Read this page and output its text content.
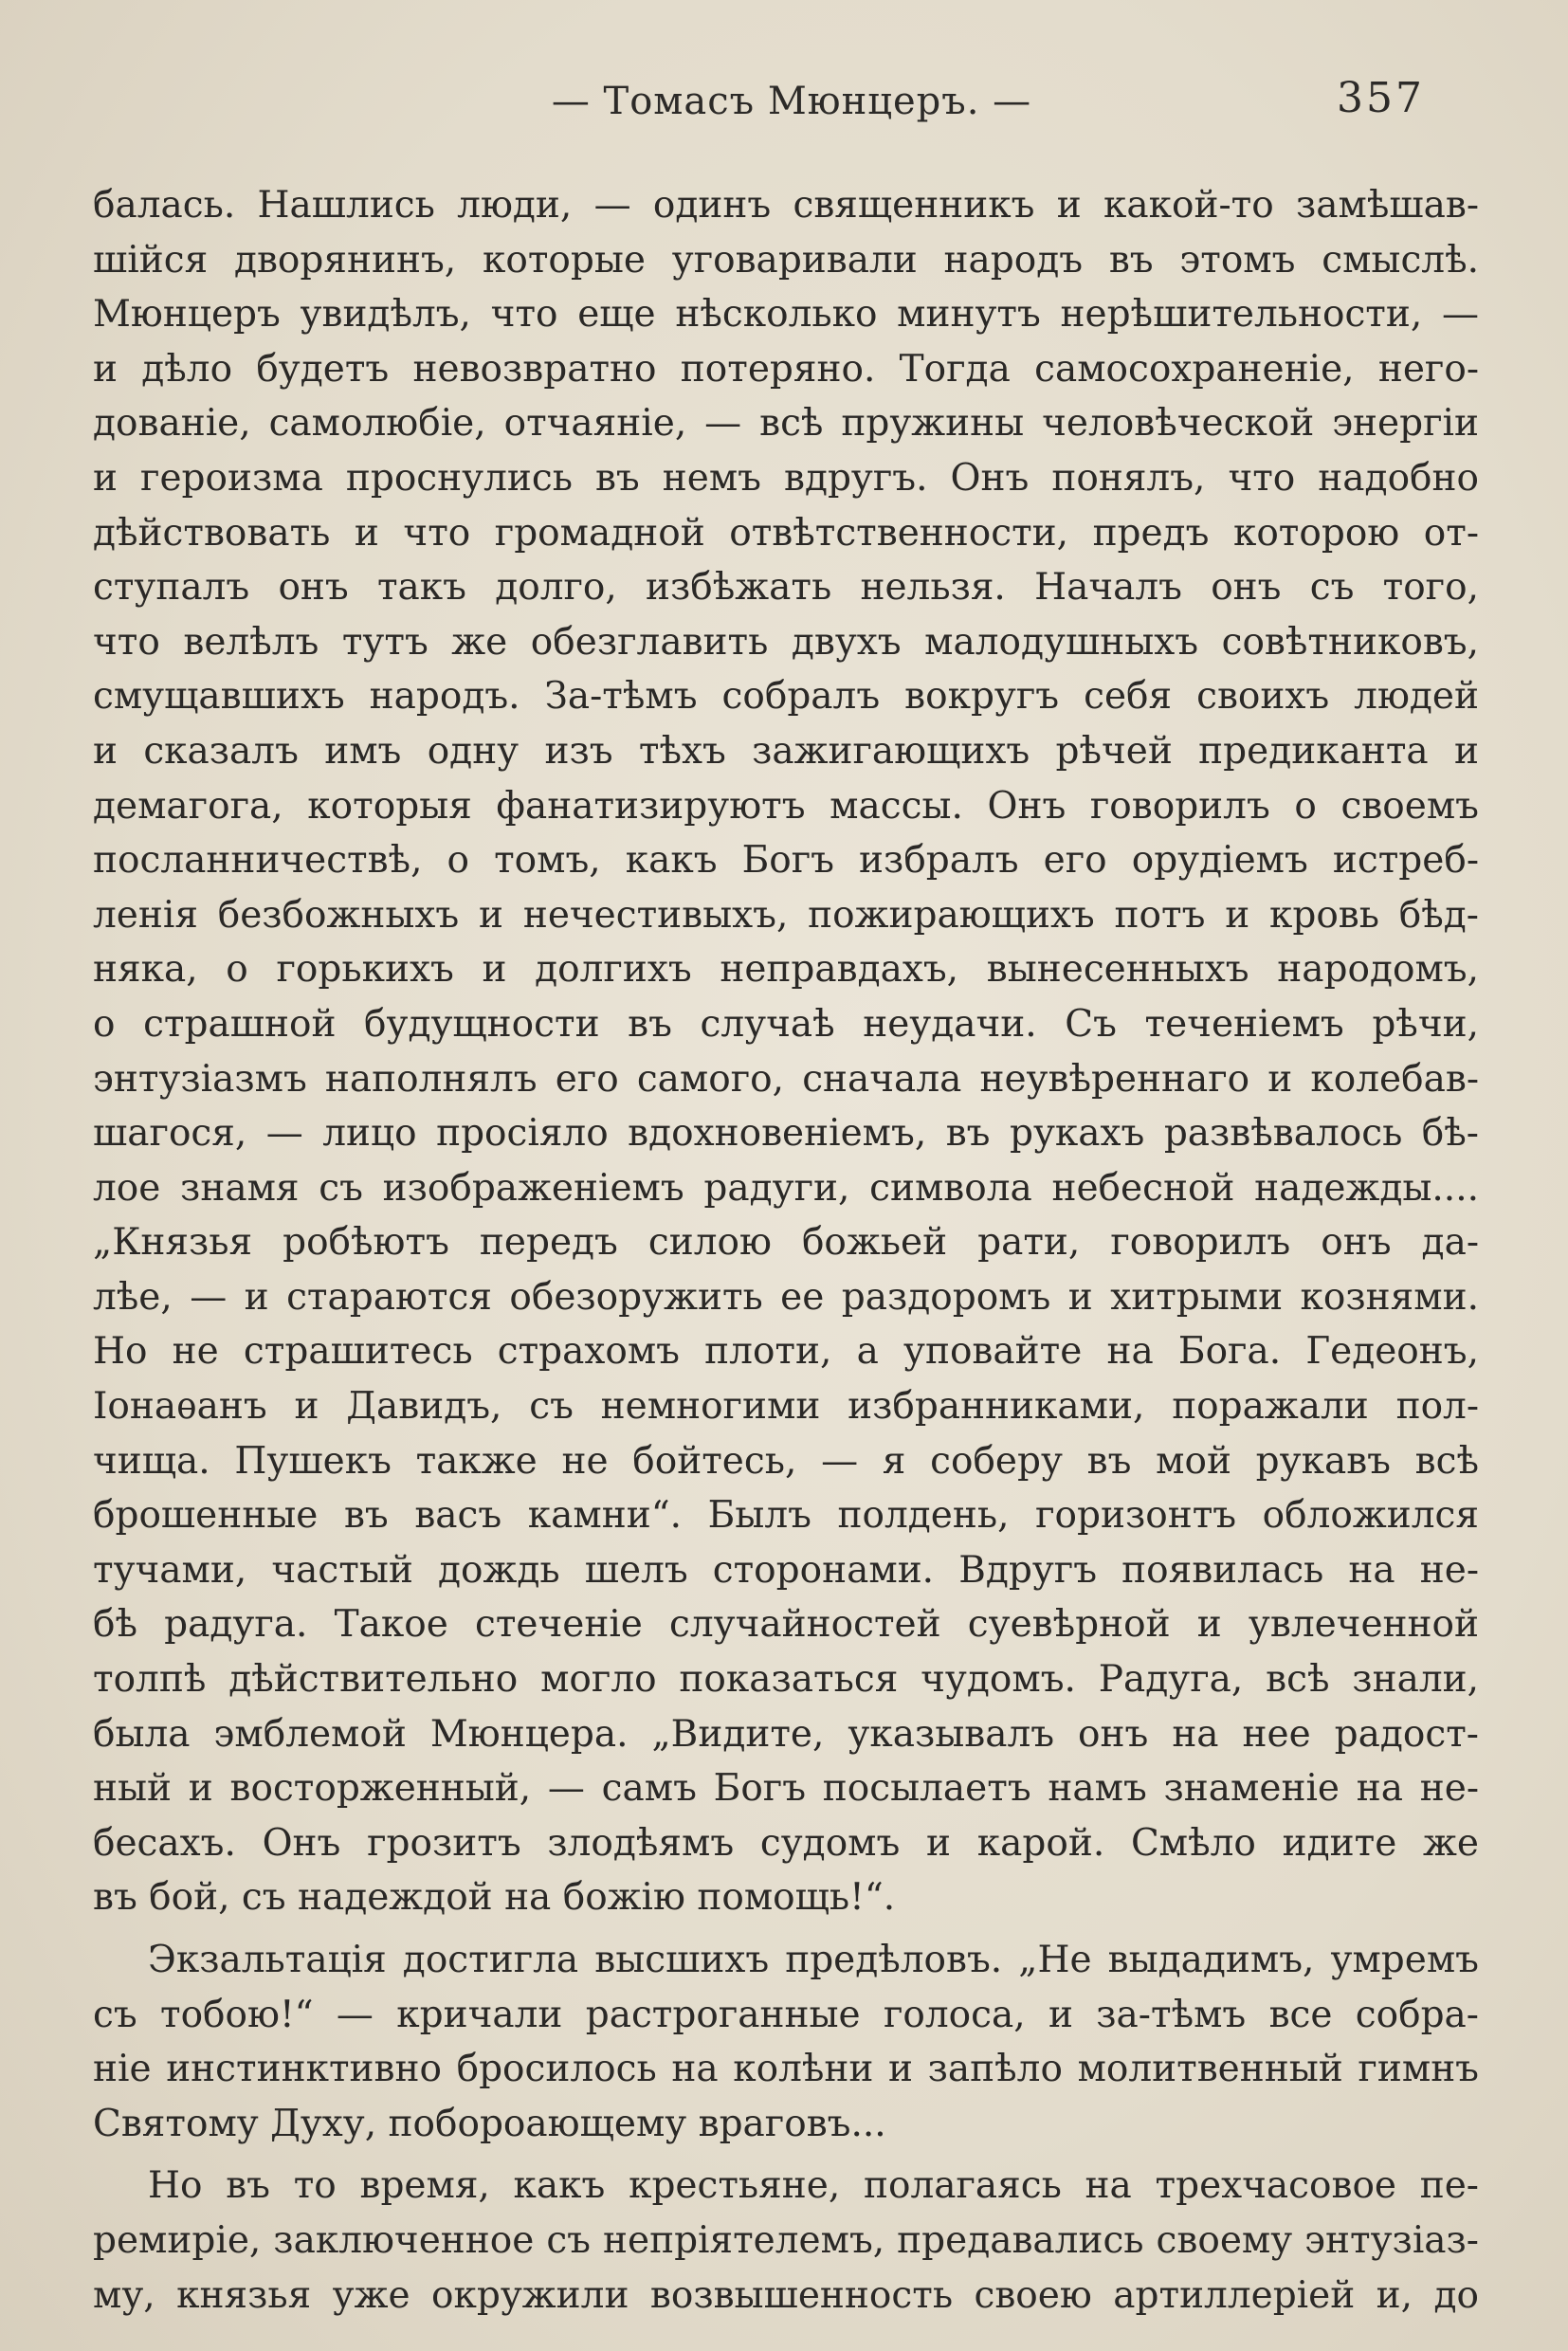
— Томасъ Мюнцеръ. —	357
балась. Нашлись люди, — одинъ священникъ и какой-то замѣшав-
шійся дворянинъ, которые уговаривали народъ въ этомъ смыслѣ.
Мюнцеръ увидѣлъ, что еще нѣсколько минутъ нерѣшительности, —
и дѣло будетъ невозвратно потеряно. Тогда самосохраненіе, него-
дованіе, самолюбіе, отчаяніе, — всѣ пружины человѣческой энергіи
и героизма проснулись въ немъ вдругъ. Онъ понялъ, что надобно
дѣйствовать и что громадной отвѣтственности, предъ которою от-
ступалъ онъ такъ долго, избѣжать нельзя. Началъ онъ съ того,
что велѣлъ тутъ же обезглавить двухъ малодушныхъ совѣтниковъ,
смущавшихъ народъ. За-тѣмъ собралъ вокругъ себя своихъ людей
и сказалъ имъ одну изъ тѣхъ зажигающихъ рѣчей предиканта и
демагога, которыя фанатизируютъ массы. Онъ говорилъ о своемъ
посланничествѣ, о томъ, какъ Богъ избралъ его орудіемъ истреб-
ленія безбожныхъ и нечестивыхъ, пожирающихъ потъ и кровь бѣд-
няка, о горькихъ и долгихъ неправдахъ, вынесенныхъ народомъ,
о страшной будущности въ случаѣ неудачи. Съ теченіемъ рѣчи,
энтузіазмъ наполнялъ его самого, сначала неувѣреннаго и колебав-
шагося, — лицо просіяло вдохновеніемъ, въ рукахъ развѣвалось бѣ-
лое знамя съ изображеніемъ радуги, символа небесной надежды....
„Князья робѣютъ передъ силою божьей рати, говорилъ онъ да-
лѣе, — и стараются обезоружить ее раздоромъ и хитрыми кознями.
Но не страшитесь страхомъ плоти, а уповайте на Бога. Гедеонъ,
Іонаѳанъ и Давидъ, съ немногими избранниками, поражали пол-
чища. Пушекъ также не бойтесь, — я соберу въ мой рукавъ всѣ
брошенные въ васъ камни“. Былъ полдень, горизонтъ обложился
тучами, частый дождь шелъ сторонами. Вдругъ появилась на не-
бѣ радуга. Такое стеченіе случайностей суевѣрной и увлеченной
толпѣ дѣйствительно могло показаться чудомъ. Радуга, всѣ знали,
была эмблемой Мюнцера. „Видите, указывалъ онъ на нее радост-
ный и восторженный, — самъ Богъ посылаетъ намъ знаменіе на не-
бесахъ. Онъ грозитъ злодѣямъ судомъ и карой. Смѣло идите же
въ бой, съ надеждой на божію помощь!“.
Экзальтація достигла высшихъ предѣловъ. „Не выдадимъ, умремъ
съ тобою!“ — кричали растроганные голоса, и за-тѣмъ все собра-
ніе инстинктивно бросилось на колѣни и запѣло молитвенный гимнъ
Святому Духу, побороающему враговъ...
Но въ то время, какъ крестьяне, полагаясь на трехчасовое пе-
ремиріе, заключенное съ непріятелемъ, предавались своему энтузіаз-
му, князья уже окружили возвышенность своею артиллеріей и, до
